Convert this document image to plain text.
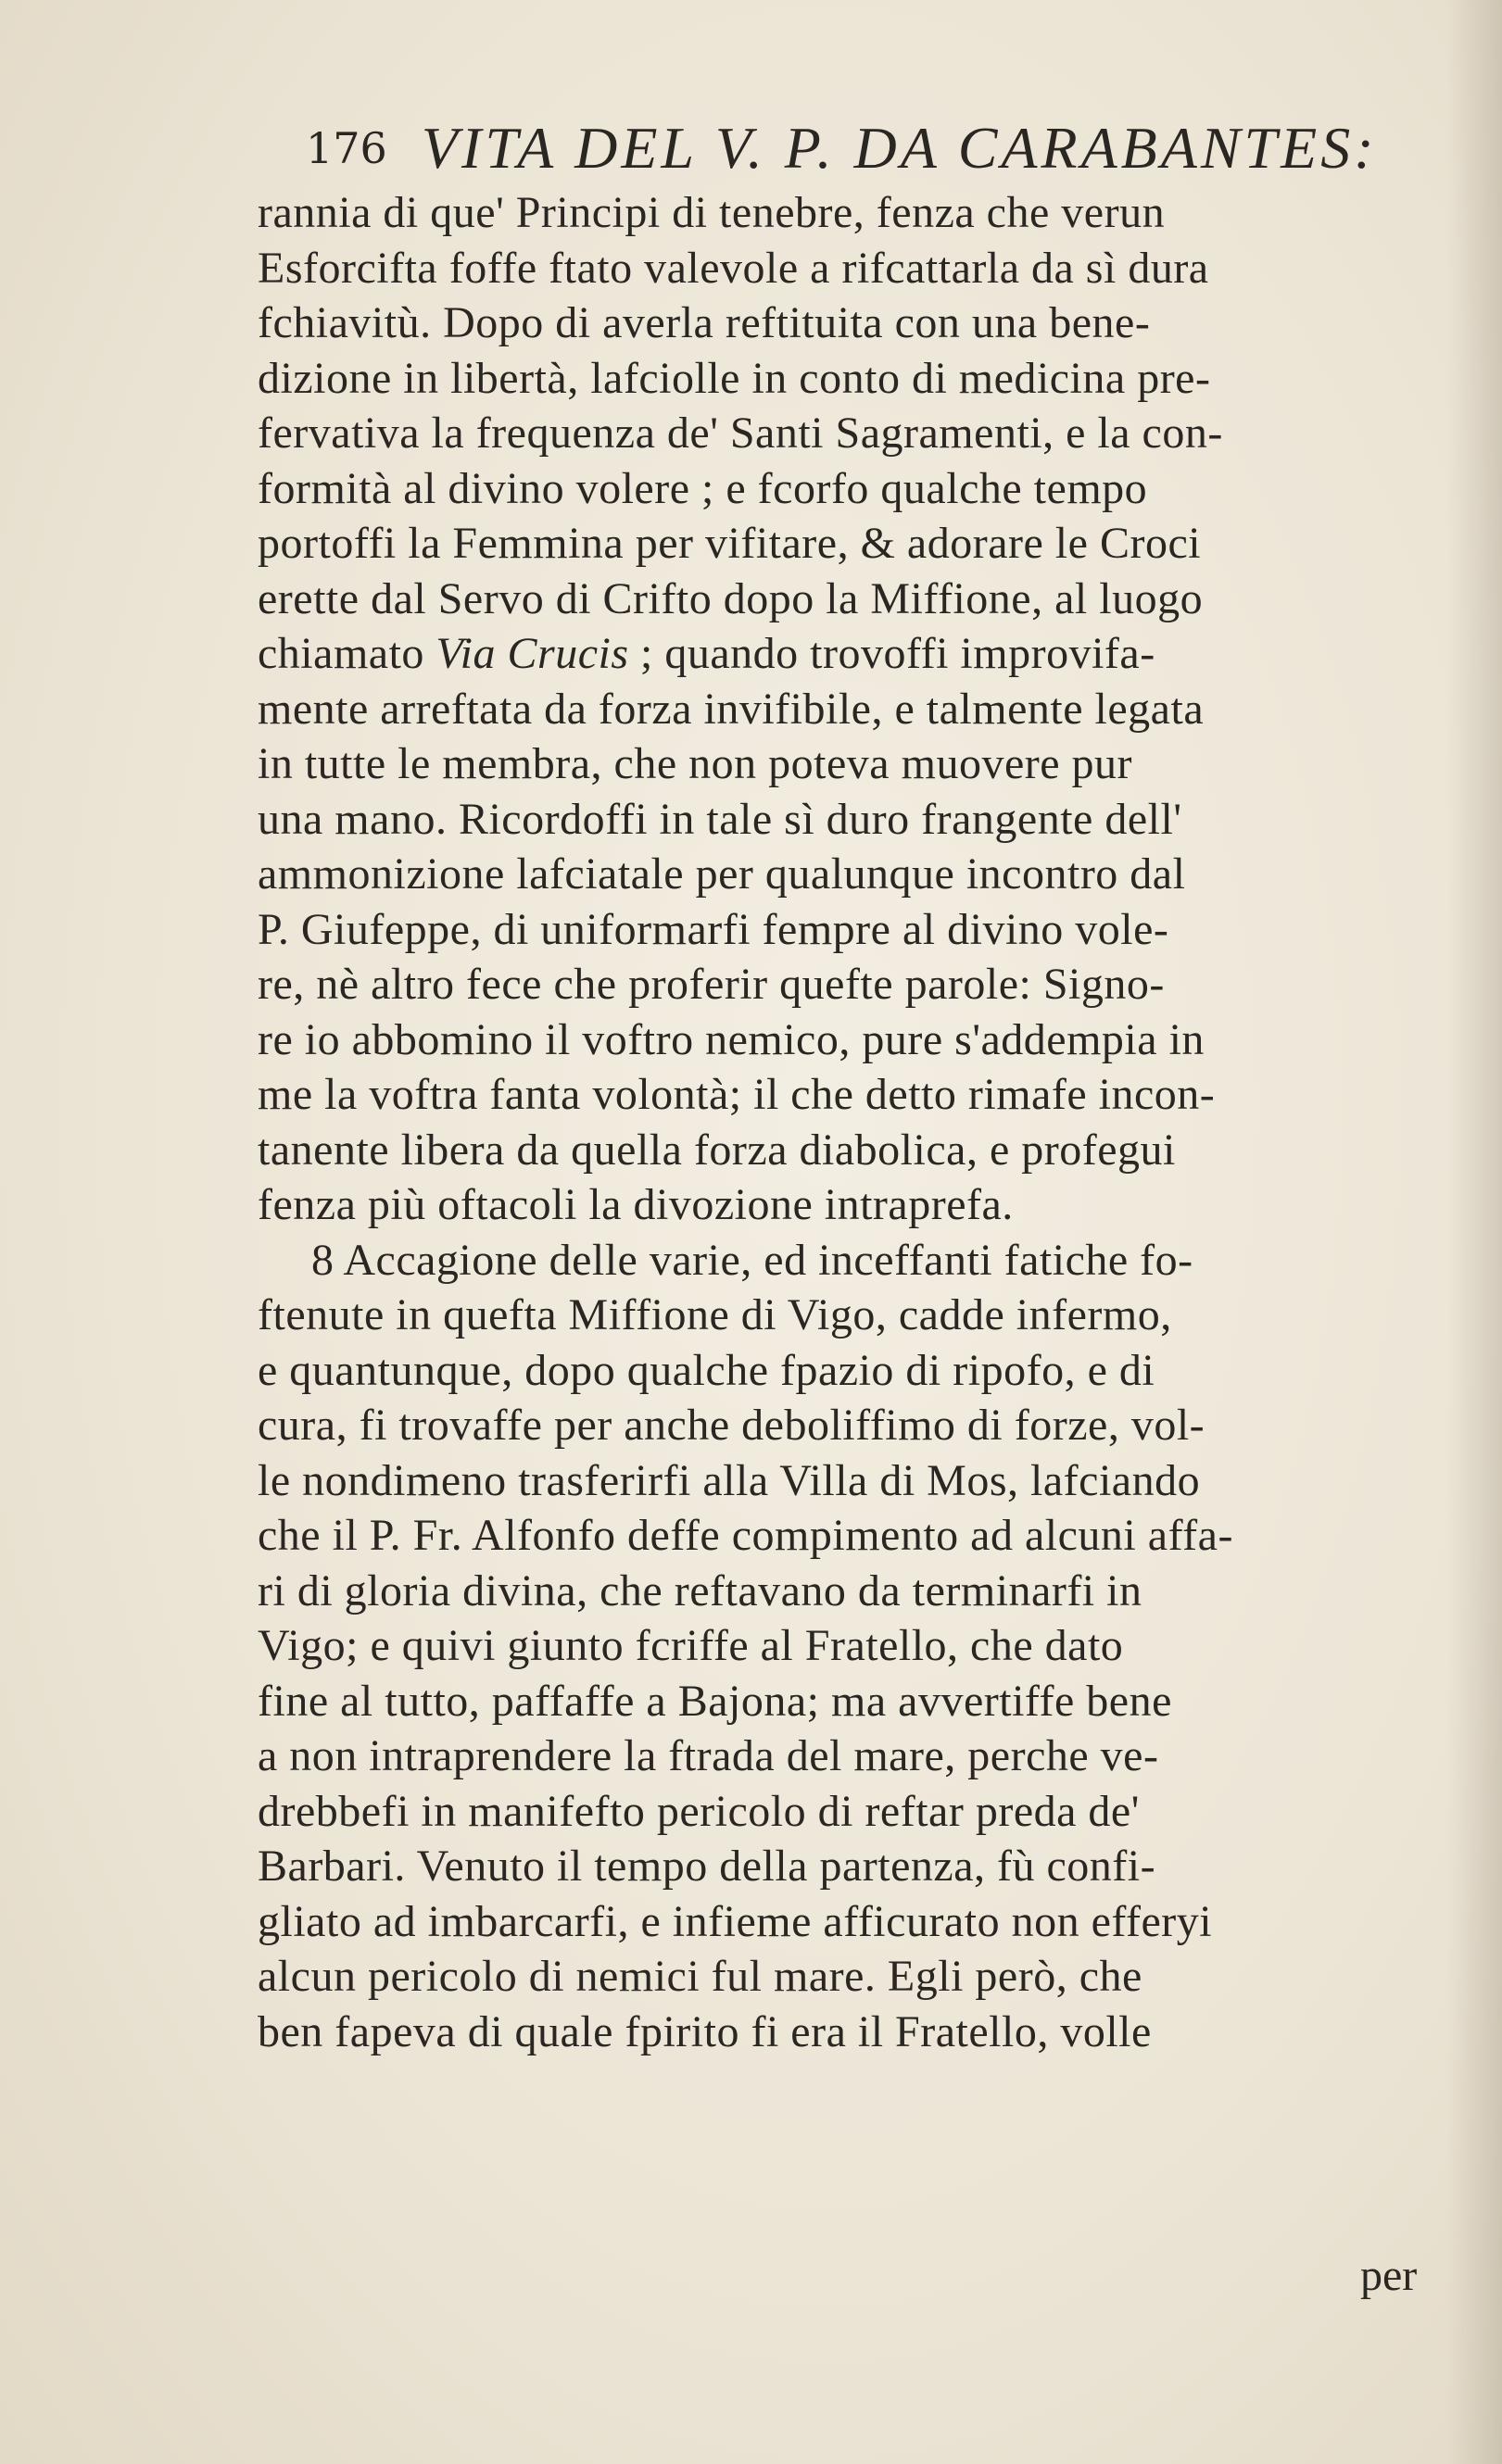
176 VITA DEL V. P. DA CARABANTES:
rannia di que' Principi di tenebre, fenza che verun
Esforcifta foffe ftato valevole a rifcattarla da sì dura
fchiavitù. Dopo di averla reftituita con una bene-
dizione in libertà, lafciolle in conto di medicina pre-
fervativa la frequenza de' Santi Sagramenti, e la con-
formità al divino volere ; e fcorfo qualche tempo
portoffi la Femmina per vifitare, & adorare le Croci
erette dal Servo di Crifto dopo la Miffione, al luogo
chiamato Via Crucis ; quando trovoffi improvifa-
mente arreftata da forza invifibile, e talmente legata
in tutte le membra, che non poteva muovere pur
una mano. Ricordoffi in tale sì duro frangente dell'
ammonizione lafciatale per qualunque incontro dal
P. Giufeppe, di uniformarfi fempre al divino vole-
re, nè altro fece che proferir quefte parole: Signo-
re io abbomino il voftro nemico, pure s'addempia in
me la voftra fanta volontà; il che detto rimafe incon-
tanente libera da quella forza diabolica, e profegui
fenza più oftacoli la divozione intraprefa.
8 Accagione delle varie, ed inceffanti fatiche fo-
ftenute in quefta Miffione di Vigo, cadde infermo,
e quantunque, dopo qualche fpazio di ripofo, e di
cura, fi trovaffe per anche deboliffimo di forze, vol-
le nondimeno trasferirfi alla Villa di Mos, lafciando
che il P. Fr. Alfonfo deffe compimento ad alcuni affa-
ri di gloria divina, che reftavano da terminarfi in
Vigo; e quivi giunto fcriffe al Fratello, che dato
fine al tutto, paffaffe a Bajona; ma avvertiffe bene
a non intraprendere la ftrada del mare, perche ve-
drebbefi in manifefto pericolo di reftar preda de'
Barbari. Venuto il tempo della partenza, fù confi-
gliato ad imbarcarfi, e infieme afficurato non efferyi
alcun pericolo di nemici ful mare. Egli però, che
ben fapeva di quale fpirito fi era il Fratello, volle
per
